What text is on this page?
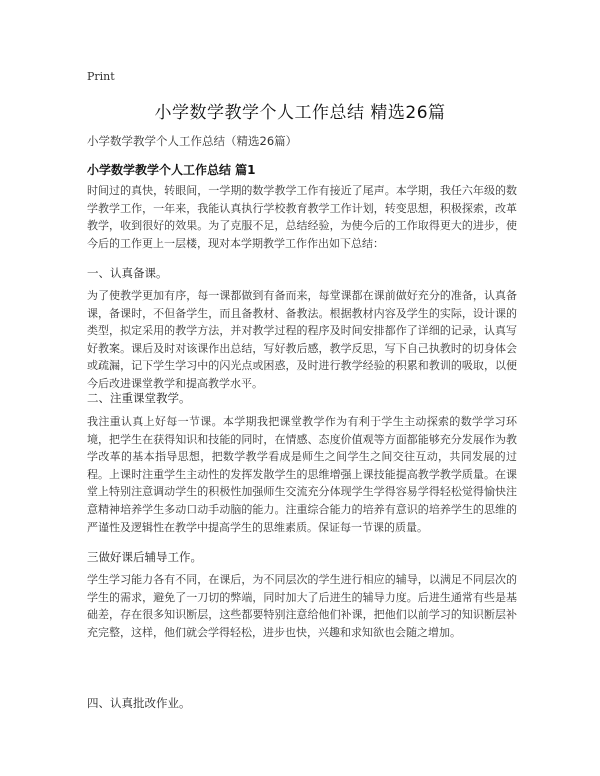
Print
小学数学教学个人工作总结 精选26篇
小学数学教学个人工作总结（精选26篇）
小学数学教学个人工作总结 篇1

时间过的真快，转眼间，一学期的数学教学工作有接近了尾声。本学期，我任六年级的数学教学工作，一年来，我能认真执行学校教育教学工作计划，转变思想，积极探索，改革教学，收到很好的效果。为了克服不足，总结经验，为使今后的工作取得更大的进步，使今后的工作更上一层楼，现对本学期教学工作作出如下总结：

一、认真备课。

为了使教学更加有序，每一课都做到有备而来，每堂课都在课前做好充分的准备，认真备课，备课时，不但备学生，而且备教材、备教法。根据教材内容及学生的实际，设计课的类型，拟定采用的教学方法，并对教学过程的程序及时间安排都作了详细的记录，认真写好教案。课后及时对该课作出总结，写好教后感，教学反思，写下自己执教时的切身体会或疏漏，记下学生学习中的闪光点或困惑，及时进行教学经验的积累和教训的吸取，以便今后改进课堂教学和提高教学水平。

二、注重课堂教学。

我注重认真上好每一节课。本学期我把课堂教学作为有利于学生主动探索的数学学习环境，把学生在获得知识和技能的同时，在情感、态度价值观等方面都能够充分发展作为教学改革的基本指导思想，把数学教学看成是师生之间学生之间交往互动，共同发展的过程。上课时注重学生主动性的发挥发散学生的思维增强上课技能提高教学教学质量。在课堂上特别注意调动学生的积极性加强师生交流充分体现学生学得容易学得轻松觉得愉快注意精神培养学生多动口动手动脑的能力。注重综合能力的培养有意识的培养学生的思维的严谨性及逻辑性在教学中提高学生的思维素质。保证每一节课的质量。

三做好课后辅导工作。

学生学习能力各有不同，在课后，为不同层次的学生进行相应的辅导，以满足不同层次的学生的需求，避免了一刀切的弊端，同时加大了后进生的辅导力度。后进生通常有些是基础差，存在很多知识断层，这些都要特别注意给他们补课，把他们以前学习的知识断层补充完整，这样，他们就会学得轻松，进步也快，兴趣和求知欲也会随之增加。

四、认真批改作业。
